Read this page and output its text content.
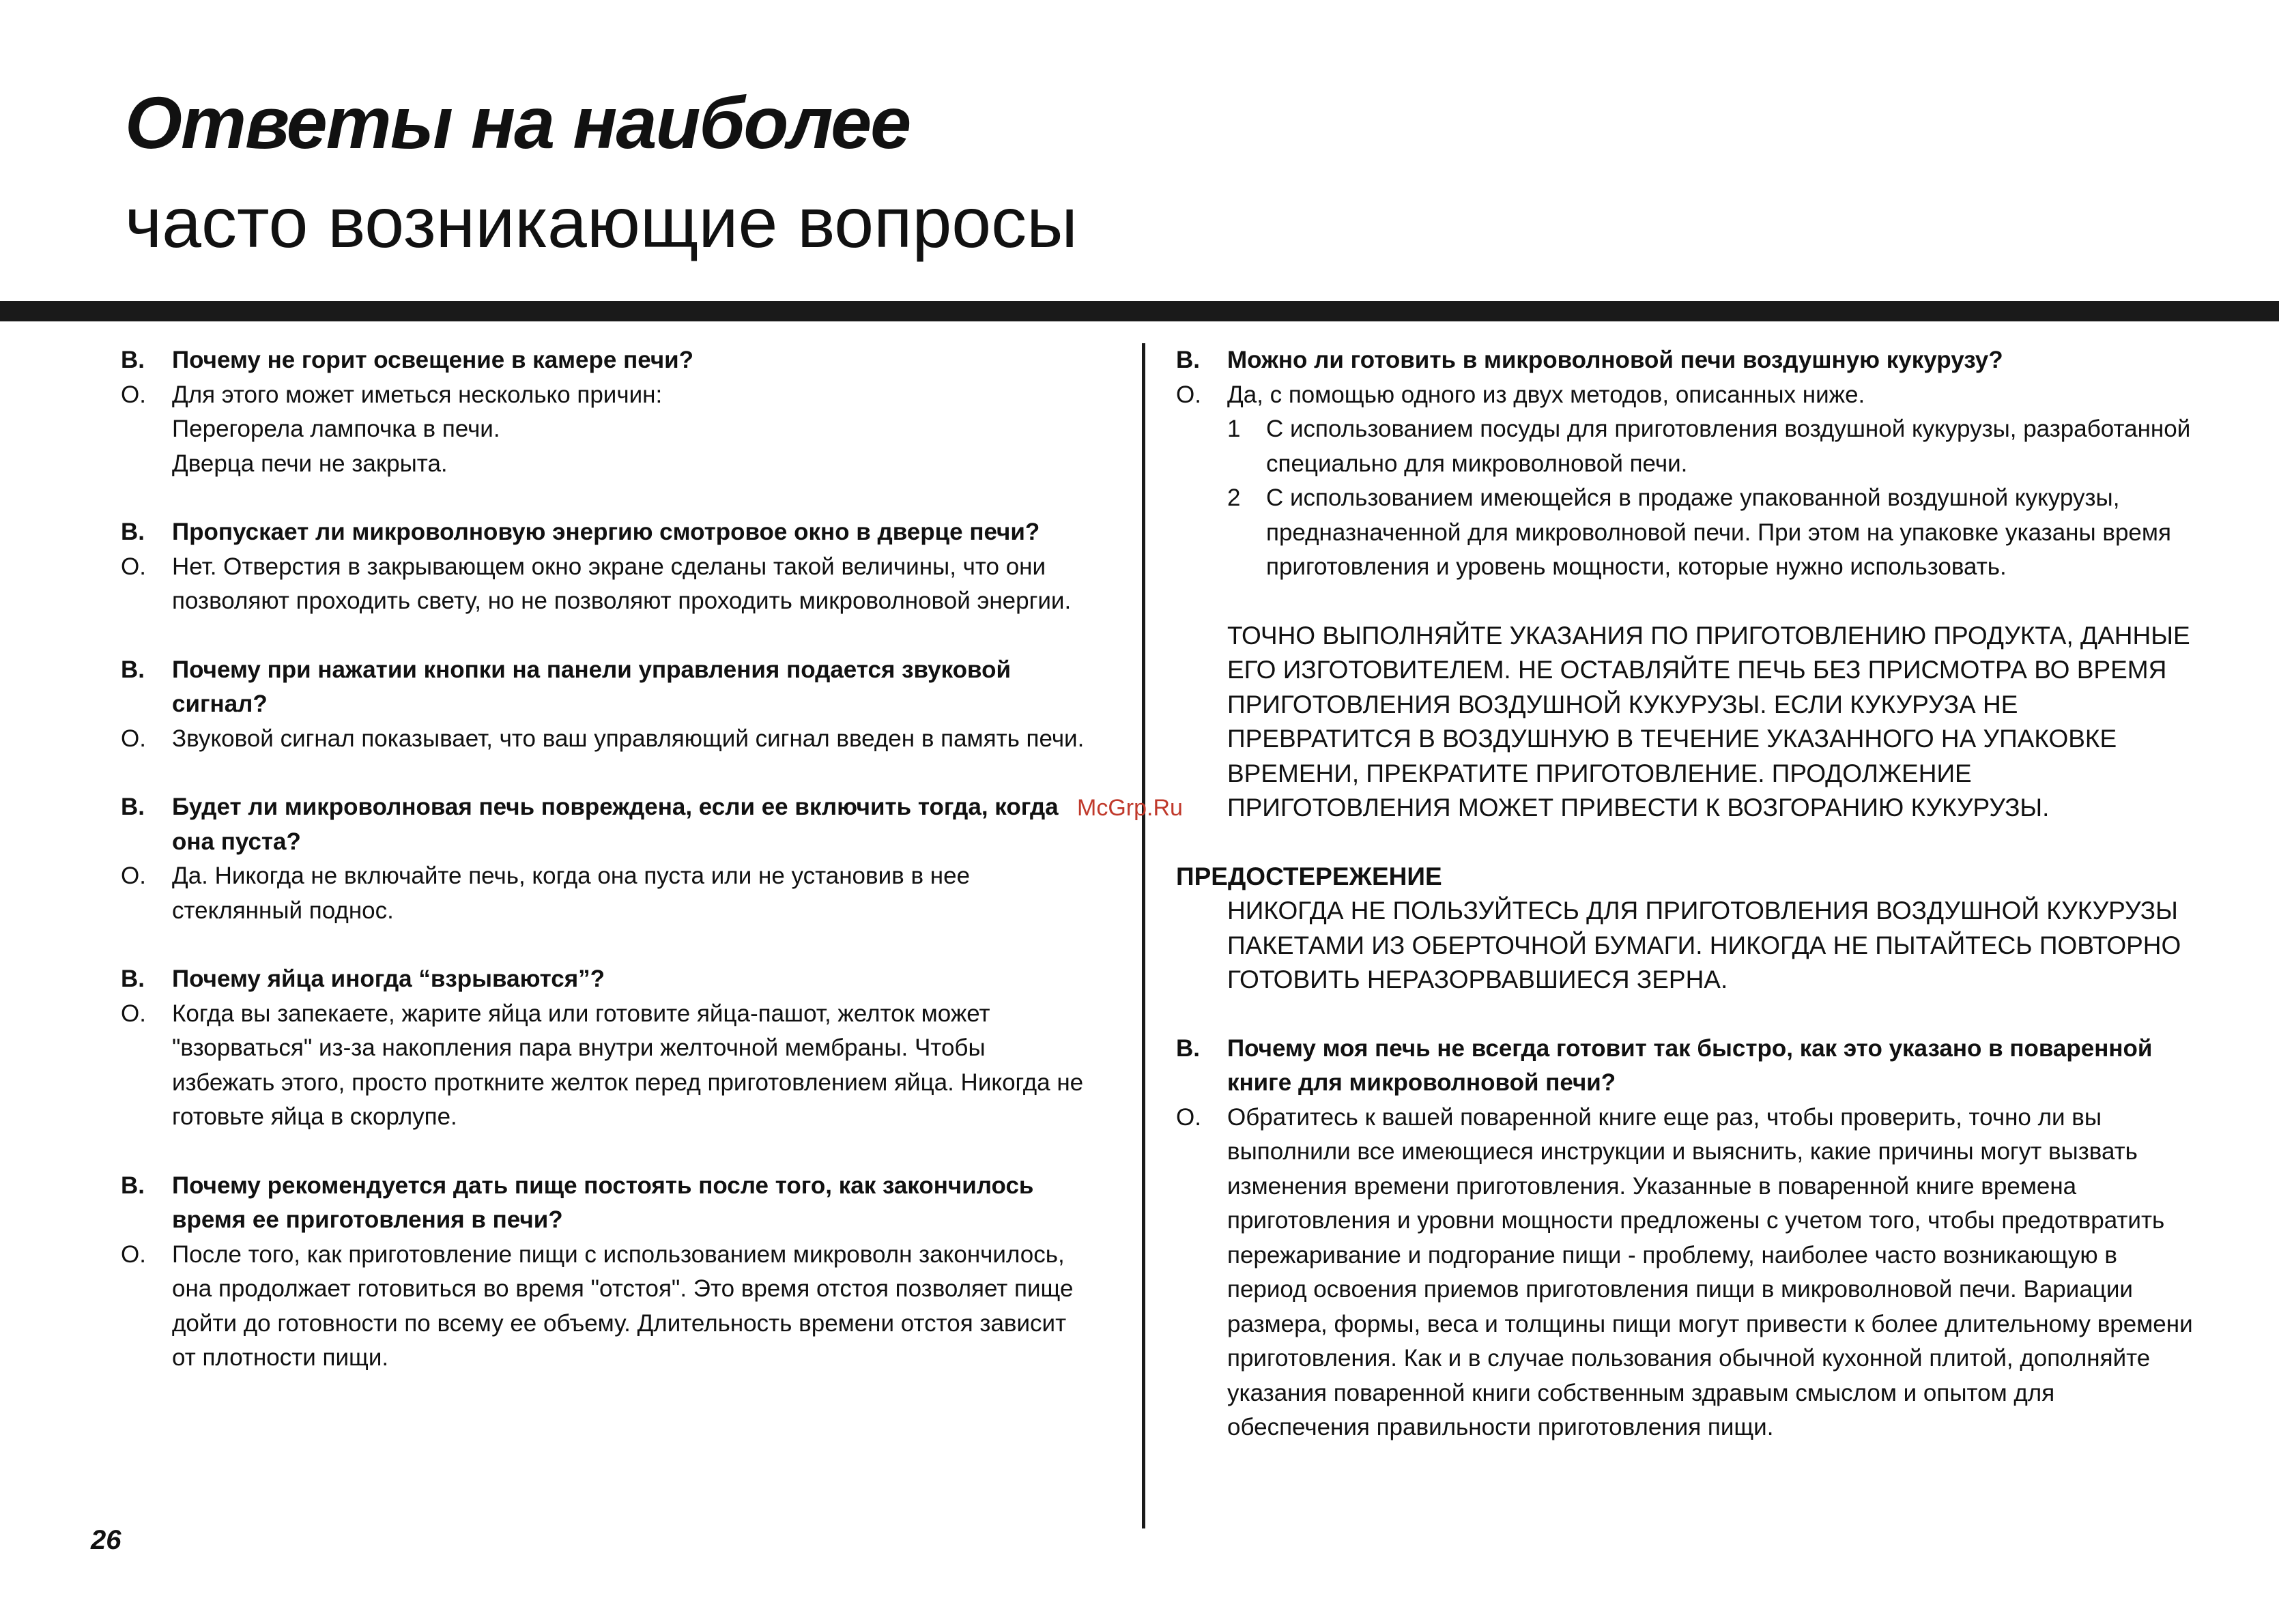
Ответы на наиболее
часто возникающие вопросы
В.	Почему не горит освещение в камере печи?
О.	Для этого может иметься несколько причин:
Перегорела лампочка в печи.
Дверца печи не закрыта.
В.	Пропускает ли микроволновую энергию смотровое окно в дверце печи?
О.	Нет. Отверстия в закрывающем окно экране сделаны такой величины, что они позволяют проходить свету, но не позволяют проходить микроволновой энергии.
В.	Почему при нажатии кнопки на панели управления подается звуковой сигнал?
О.	Звуковой сигнал показывает, что ваш управляющий сигнал введен в память печи.
В.	Будет ли микроволновая печь повреждена, если ее включить тогда, когда она пуста?
О.	Да. Никогда не включайте печь, когда она пуста или не установив в нее стеклянный поднос.
В.	Почему яйца иногда “взрываются”?
О.	Когда вы запекаете, жарите яйца или готовите яйца-пашот, желток может "взорваться" из-за накопления пара внутри желточной мембраны. Чтобы избежать этого, просто проткните желток перед приготовлением яйца. Никогда не готовьте яйца в скорлупе.
В.	Почему рекомендуется дать пище постоять после того, как закончилось время ее приготовления в печи?
О.	После того, как приготовление пищи с использованием микроволн закончилось, она продолжает готовиться во время "отстоя". Это время отстоя позволяет пище дойти до готовности по всему ее объему. Длительность времени отстоя зависит от плотности пищи.
В.	Можно ли готовить в микроволновой печи воздушную кукурузу?
О.	Да, с помощью одного из двух методов, описанных ниже.
1	С использованием посуды для приготовления воздушной кукурузы, разработанной специально для микроволновой печи.
2	С использованием имеющейся в продаже упакованной воздушной кукурузы, предназначенной для микроволновой печи. При этом на упаковке указаны время приготовления и уровень мощности, которые нужно использовать.
ТОЧНО ВЫПОЛНЯЙТЕ УКАЗАНИЯ ПО ПРИГОТОВЛЕНИЮ ПРОДУКТА, ДАННЫЕ ЕГО ИЗГОТОВИТЕЛЕМ. НЕ ОСТАВЛЯЙТЕ ПЕЧЬ БЕЗ ПРИСМОТРА ВО ВРЕМЯ ПРИГОТОВЛЕНИЯ ВОЗДУШНОЙ КУКУРУЗЫ. ЕСЛИ КУКУРУЗА НЕ ПРЕВРАТИТСЯ В ВОЗДУШНУЮ В ТЕЧЕНИЕ УКАЗАННОГО НА УПАКОВКЕ ВРЕМЕНИ, ПРЕКРАТИТЕ ПРИГОТОВЛЕНИЕ. ПРОДОЛЖЕНИЕ ПРИГОТОВЛЕНИЯ МОЖЕТ ПРИВЕСТИ К ВОЗГОРАНИЮ КУКУРУЗЫ.
ПРЕДОСТЕРЕЖЕНИЕ
НИКОГДА НЕ ПОЛЬЗУЙТЕСЬ ДЛЯ ПРИГОТОВЛЕНИЯ ВОЗДУШНОЙ КУКУРУЗЫ ПАКЕТАМИ ИЗ ОБЕРТОЧНОЙ БУМАГИ. НИКОГДА НЕ ПЫТАЙТЕСЬ ПОВТОРНО ГОТОВИТЬ НЕРАЗОРВАВШИЕСЯ ЗЕРНА.
В.	Почему моя печь не всегда готовит так быстро, как это указано в поваренной книге для микроволновой печи?
О.	Обратитесь к вашей поваренной книге еще раз, чтобы проверить, точно ли вы выполнили все имеющиеся инструкции и выяснить, какие причины могут вызвать изменения времени приготовления. Указанные в поваренной книге времена приготовления и уровни мощности предложены с учетом того, чтобы предотвратить пережаривание и подгорание пищи - проблему, наиболее часто возникающую в период освоения приемов приготовления пищи в микроволновой печи. Вариации размера, формы, веса и толщины пищи могут привести к более длительному времени приготовления. Как и в случае пользования обычной кухонной плитой, дополняйте указания поваренной книги собственным здравым смыслом и опытом для обеспечения правильности приготовления пищи.
McGrp.Ru
26
